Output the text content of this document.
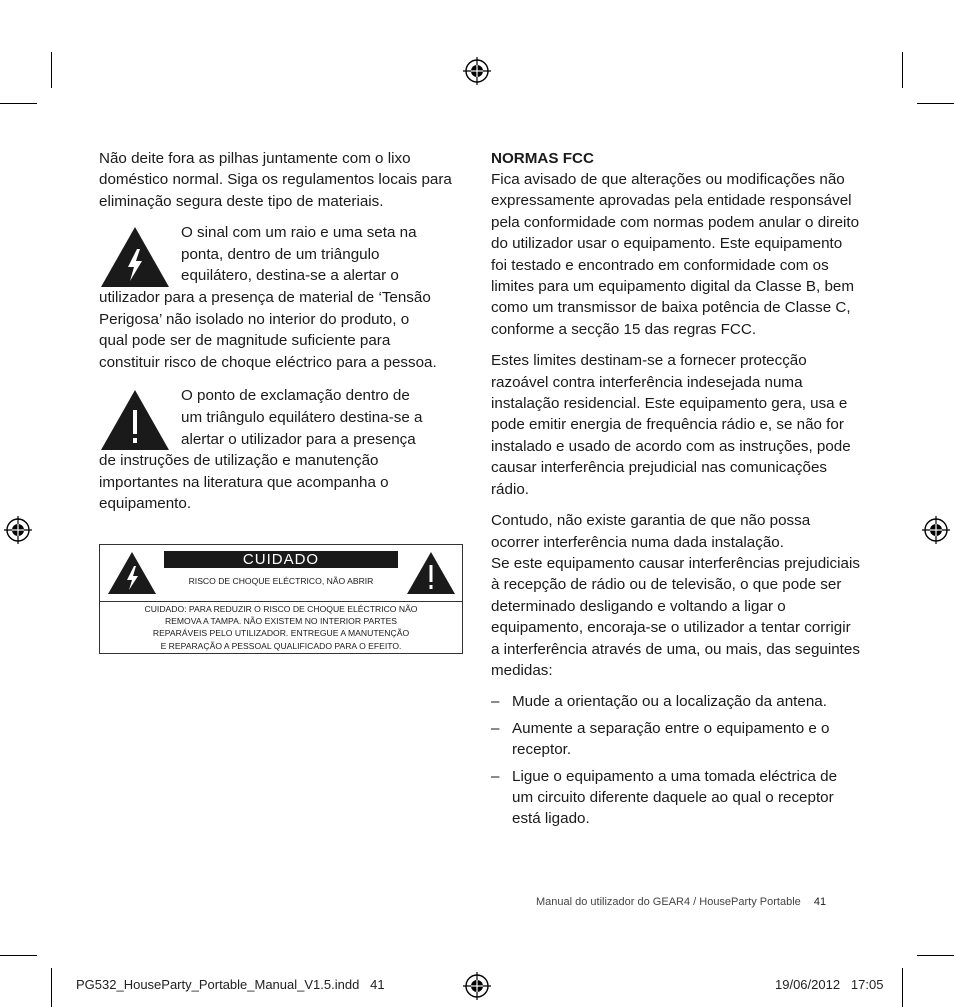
Não deite fora as pilhas juntamente com o lixo doméstico normal. Siga os regulamentos locais para eliminação segura deste tipo de materiais.

O sinal com um raio e uma seta na
ponta, dentro de um triângulo
equilátero, destina-se a alertar o
utilizador para a presença de material de ‘Tensão
Perigosa’ não isolado no interior do produto, o
qual pode ser de magnitude suficiente para
constituir risco de choque eléctrico para a pessoa.

O ponto de exclamação dentro de
um triângulo equilátero destina-se a
alertar o utilizador para a presença
de instruções de utilização e manutenção
importantes na literatura que acompanha o
equipamento.

CUIDADO
RISCO DE CHOQUE ELÉCTRICO, NÃO ABRIR
CUIDADO: PARA REDUZIR O RISCO DE CHOQUE ELÉCTRICO NÃO
REMOVA A TAMPA. NÃO EXISTEM NO INTERIOR PARTES
REPARÁVEIS PELO UTILIZADOR. ENTREGUE A MANUTENÇÃO
E REPARAÇÃO A PESSOAL QUALIFICADO PARA O EFEITO.

NORMAS FCC

Fica avisado de que alterações ou modificações não expressamente aprovadas pela entidade responsável pela conformidade com normas podem anular o direito do utilizador usar o equipamento. Este equipamento foi testado e encontrado em conformidade com os limites para um equipamento digital da Classe B, bem como um transmissor de baixa potência de Classe C, conforme a secção 15 das regras FCC.

Estes limites destinam-se a fornecer protecção razoável contra interferência indesejada numa instalação residencial. Este equipamento gera, usa e pode emitir energia de frequência rádio e, se não for instalado e usado de acordo com as instruções, pode causar interferência prejudicial nas comunicações rádio.

Contudo, não existe garantia de que não possa ocorrer interferência numa dada instalação.

Se este equipamento causar interferências prejudiciais à recepção de rádio ou de televisão, o que pode ser determinado desligando e voltando a ligar o equipamento, encoraja-se o utilizador a tentar corrigir a interferência através de uma, ou mais, das seguintes medidas:

– Mude a orientação ou a localização da antena.
– Aumente a separação entre o equipamento e o receptor.
– Ligue o equipamento a uma tomada eléctrica de um circuito diferente daquele ao qual o receptor está ligado.
Manual do utilizador do GEAR4 / HouseParty Portable 41
PG532_HouseParty_Portable_Manual_V1.5.indd   41	19/06/2012   17:05
